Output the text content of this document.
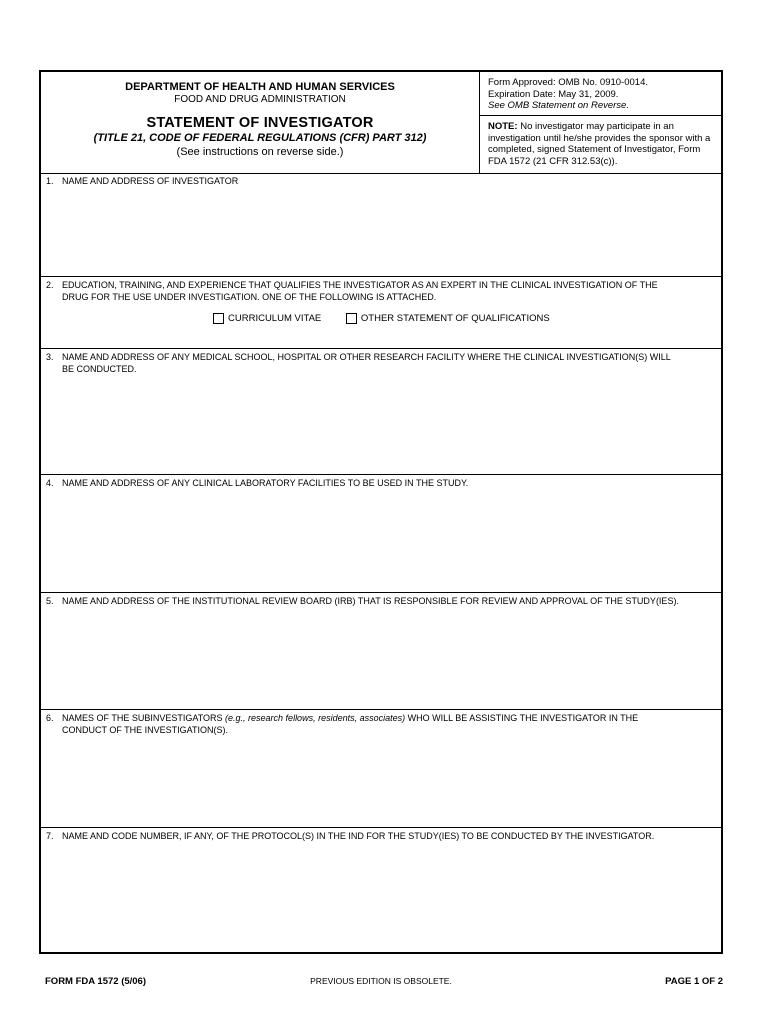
DEPARTMENT OF HEALTH AND HUMAN SERVICES
FOOD AND DRUG ADMINISTRATION
STATEMENT OF INVESTIGATOR
(TITLE 21, CODE OF FEDERAL REGULATIONS (CFR) PART 312)
(See instructions on reverse side.)
Form Approved: OMB No. 0910-0014.
Expiration Date: May 31, 2009.
See OMB Statement on Reverse.
NOTE: No investigator may participate in an investigation until he/she provides the sponsor with a completed, signed Statement of Investigator, Form FDA 1572 (21 CFR 312.53(c)).
1. NAME AND ADDRESS OF INVESTIGATOR
2. EDUCATION, TRAINING, AND EXPERIENCE THAT QUALIFIES THE INVESTIGATOR AS AN EXPERT IN THE CLINICAL INVESTIGATION OF THE
DRUG FOR THE USE UNDER INVESTIGATION. ONE OF THE FOLLOWING IS ATTACHED.
CURRICULUM VITAE
	OTHER STATEMENT OF QUALIFICATIONS
3. NAME AND ADDRESS OF ANY MEDICAL SCHOOL, HOSPITAL OR OTHER RESEARCH FACILITY WHERE THE CLINICAL INVESTIGATION(S) WILL
BE CONDUCTED.
4. NAME AND ADDRESS OF ANY CLINICAL LABORATORY FACILITIES TO BE USED IN THE STUDY.
5. NAME AND ADDRESS OF THE INSTITUTIONAL REVIEW BOARD (IRB) THAT IS RESPONSIBLE FOR REVIEW AND APPROVAL OF THE STUDY(IES).
6. NAMES OF THE SUBINVESTIGATORS (e.g., research fellows, residents, associates) WHO WILL BE ASSISTING THE INVESTIGATOR IN THE
CONDUCT OF THE INVESTIGATION(S).
7. NAME AND CODE NUMBER, IF ANY, OF THE PROTOCOL(S) IN THE IND FOR THE STUDY(IES) TO BE CONDUCTED BY THE INVESTIGATOR.
FORM FDA 1572 (5/06)	PREVIOUS EDITION IS OBSOLETE.	PAGE 1 OF 2
